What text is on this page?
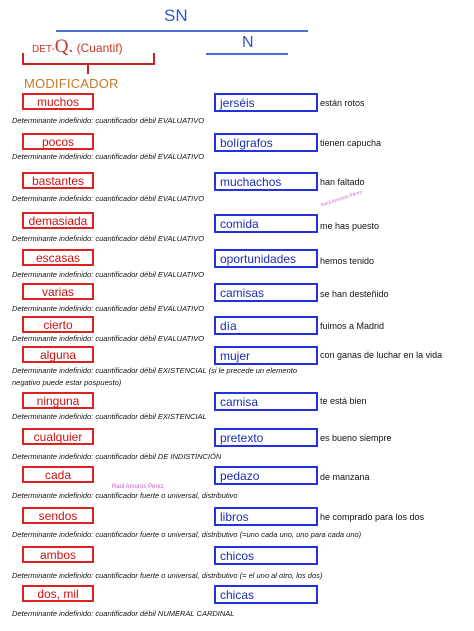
SN
DET-Q. (Cuantif)	N
MODIFICADOR
muchos	jerséis	están rotos
Determinante indefinido: cuantificador débil EVALUATIVO
pocos	bolígrafos	tienen capucha
Determinante indefinido: cuantificador débil EVALUATIVO
bastantes	muchachos	han faltado
Determinante indefinido: cuantificador débil EVALUATIVO
demasiada	comida	me has puesto
Determinante indefinido: cuantificador débil EVALUATIVO
escasas	oportunidades	hemos tenido
Determinante indefinido: cuantificador débil EVALUATIVO
varias	camisas	se han desteñido
Determinante indefinido: cuantificador débil EVALUATIVO
cierto	día	fuimos a Madrid
Determinante indefinido: cuantificador débil EVALUATIVO
alguna	mujer	con ganas de luchar en la vida
Determinante indefinido: cuantificador débil EXISTENCIAL (si le precede un elemento
negativo puede estar pospuesto)
ninguna	camisa	te está bien
Determinante indefinido: cuantificador débil EXISTENCIAL
cualquier	pretexto	es bueno siempre
Determinante indefinido: cuantificador débil DE INDISTINCIÓN
cada	pedazo	de manzana
Determinante indefinido: cuantificador fuerte o universal, distributivo
sendos	libros	he comprado para los dos
Determinante indefinido: cuantificador fuerte o universal, distributivo (=uno cada uno, uno para cada uno)
ambos	chicos
Determinante indefinido: cuantificador fuerte o universal, distributivo (= el uno al otro, los dos)
dos, mil	chicas
Determinante indefinido: cuantificador débil NUMERAL CARDINAL
Raúl Amoros Pérez
Raúl Amoros Pérez
